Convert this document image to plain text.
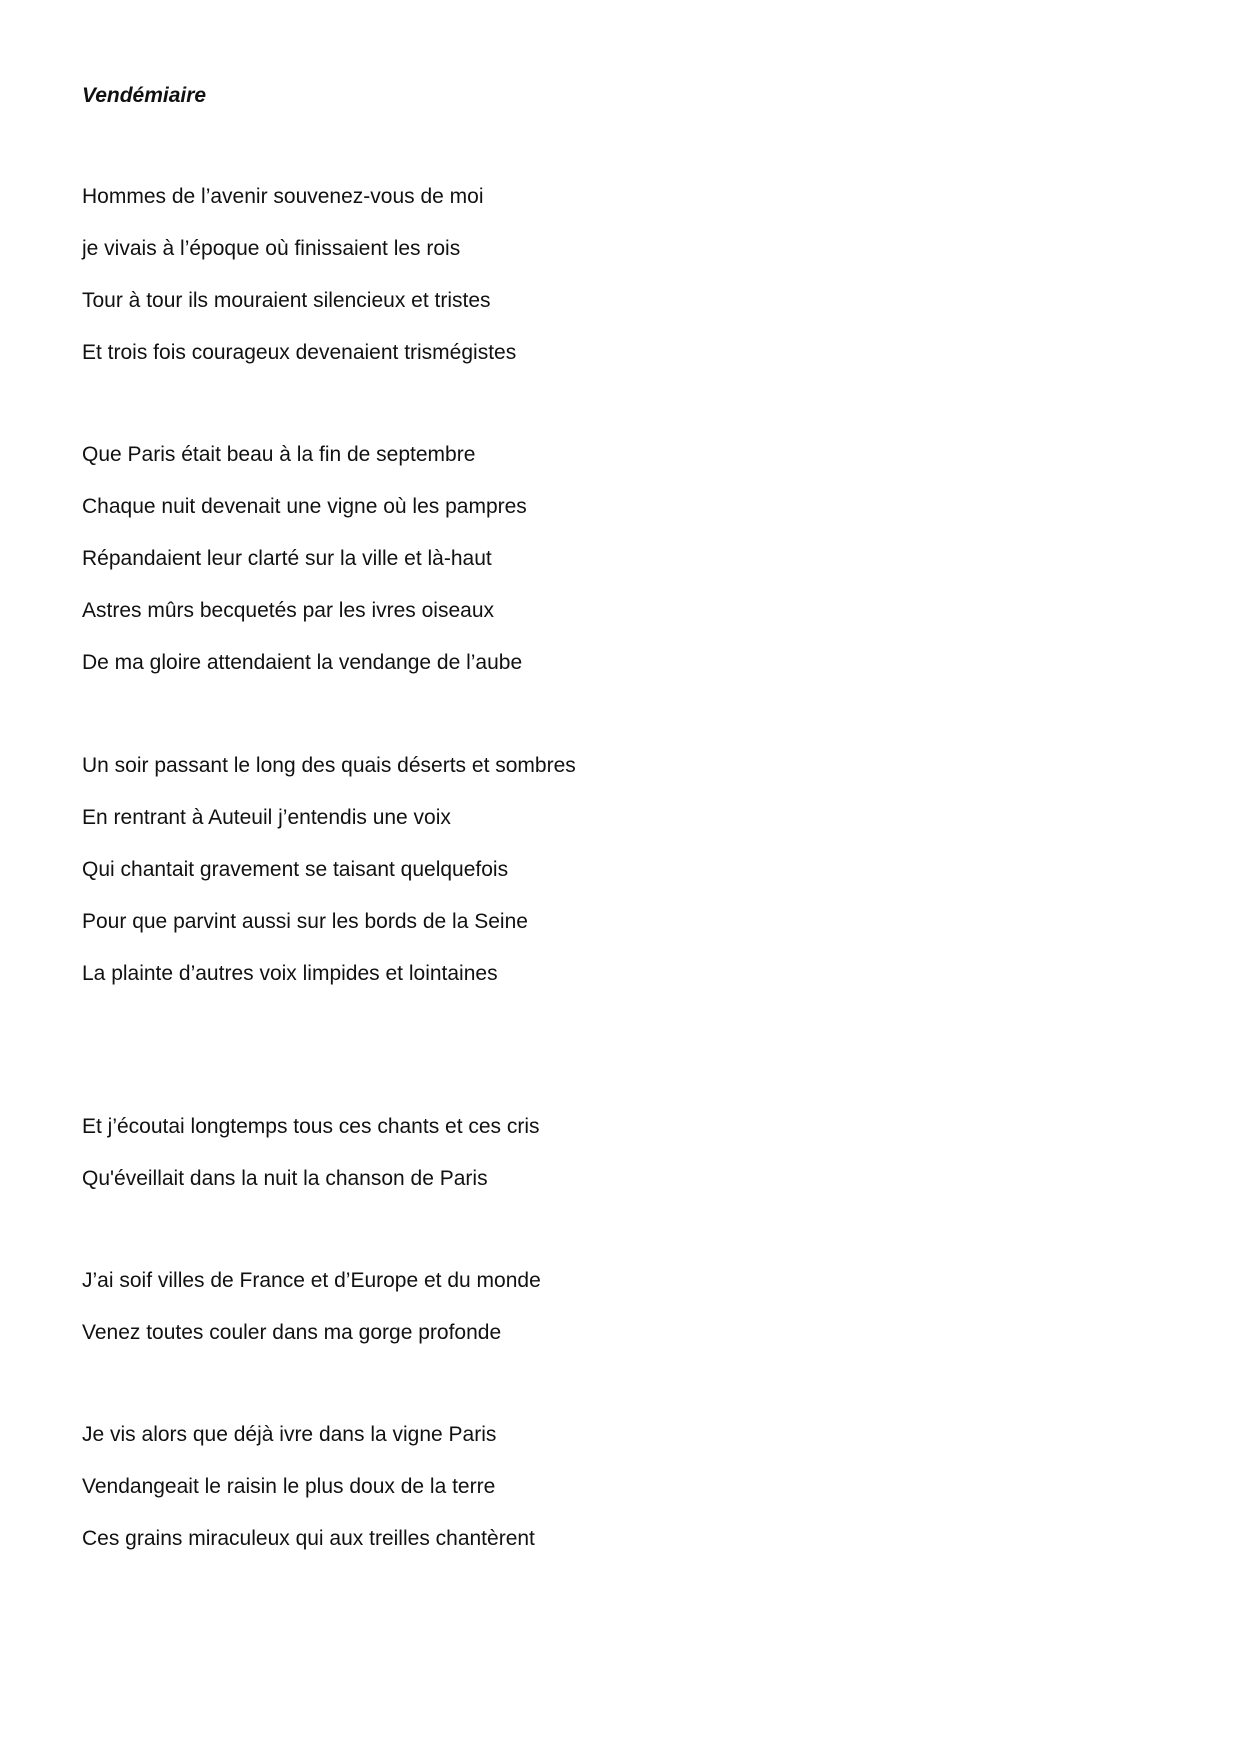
Vendémiaire

Hommes de l’avenir souvenez-vous de moi

je vivais à l’époque où finissaient les rois

Tour à tour ils mouraient silencieux et tristes

Et trois fois courageux devenaient trismégistes

Que Paris était beau à la fin de septembre

Chaque nuit devenait une vigne où les pampres

Répandaient leur clarté sur la ville et là-haut

Astres mûrs becquetés par les ivres oiseaux

De ma gloire attendaient la vendange de l’aube

Un soir passant le long des quais déserts et sombres

En rentrant à Auteuil j’entendis une voix

Qui chantait gravement se taisant quelquefois

Pour que parvint aussi sur les bords de la Seine

La plainte d’autres voix limpides et lointaines

Et j’écoutai longtemps tous ces chants et ces cris

Qu'éveillait dans la nuit la chanson de Paris

J’ai soif villes de France et d’Europe et du monde

Venez toutes couler dans ma gorge profonde

Je vis alors que déjà ivre dans la vigne Paris

Vendangeait le raisin le plus doux de la terre

Ces grains miraculeux qui aux treilles chantèrent
